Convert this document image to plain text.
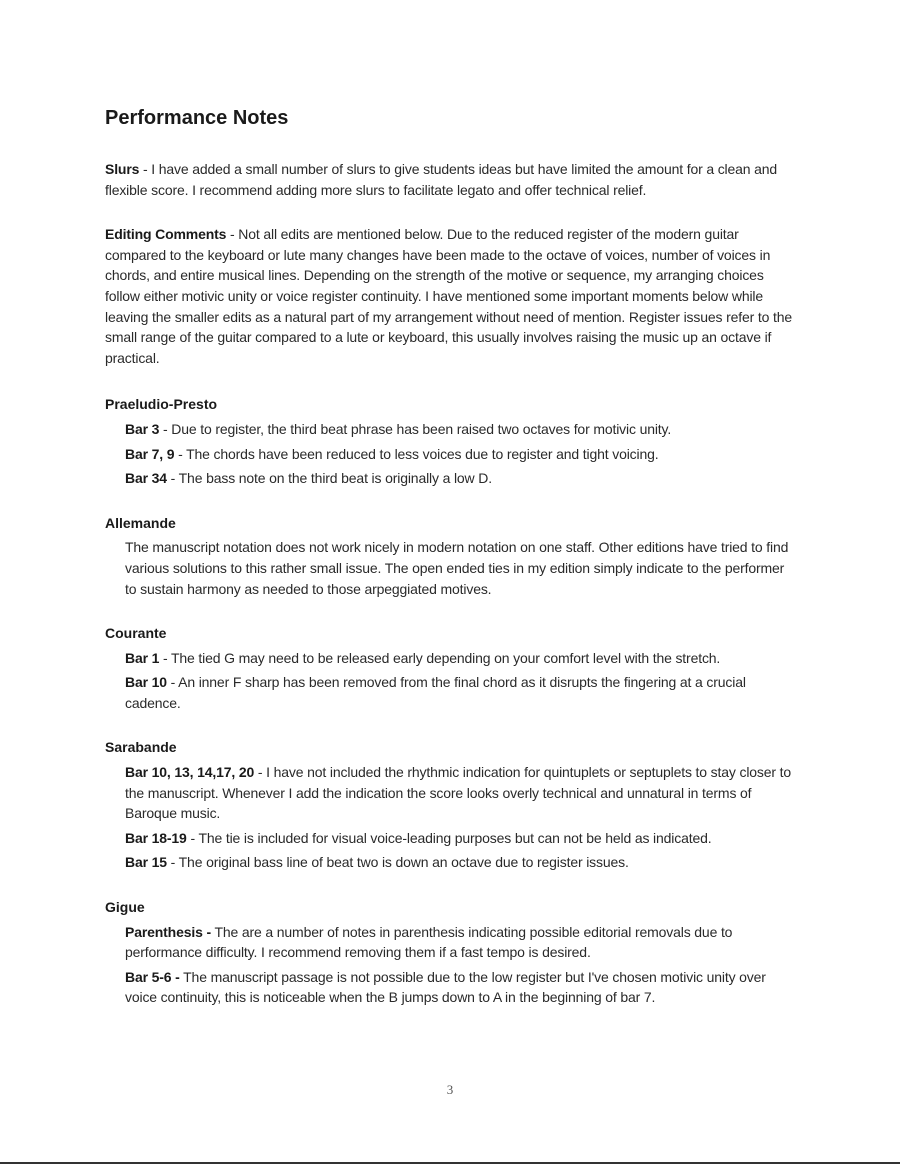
Performance Notes

Slurs - I have added a small number of slurs to give students ideas but have limited the amount for a clean and flexible score. I recommend adding more slurs to facilitate legato and offer technical relief.

Editing Comments - Not all edits are mentioned below. Due to the reduced register of the modern guitar compared to the keyboard or lute many changes have been made to the octave of voices, number of voices in chords, and entire musical lines. Depending on the strength of the motive or sequence, my arranging choices follow either motivic unity or voice register continuity. I have mentioned some important moments below while leaving the smaller edits as a natural part of my arrangement without need of mention. Register issues refer to the small range of the guitar compared to a lute or keyboard, this usually involves raising the music up an octave if practical.

Praeludio-Presto
Bar 3 - Due to register, the third beat phrase has been raised two octaves for motivic unity.
Bar 7, 9 - The chords have been reduced to less voices due to register and tight voicing.
Bar 34 - The bass note on the third beat is originally a low D.
Allemande
The manuscript notation does not work nicely in modern notation on one staff. Other editions have tried to find various solutions to this rather small issue. The open ended ties in my edition simply indicate to the performer to sustain harmony as needed to those arpeggiated motives.
Courante
Bar 1 - The tied G may need to be released early depending on your comfort level with the stretch.
Bar 10 - An inner F sharp has been removed from the final chord as it disrupts the fingering at a crucial cadence.
Sarabande
Bar 10, 13, 14,17, 20 - I have not included the rhythmic indication for quintuplets or septuplets to stay closer to the manuscript. Whenever I add the indication the score looks overly technical and unnatural in terms of Baroque music.
Bar 18-19 - The tie is included for visual voice-leading purposes but can not be held as indicated.
Bar 15 - The original bass line of beat two is down an octave due to register issues.
Gigue
Parenthesis - The are a number of notes in parenthesis indicating possible editorial removals due to performance difficulty. I recommend removing them if a fast tempo is desired.
Bar 5-6 - The manuscript passage is not possible due to the low register but I've chosen motivic unity over voice continuity, this is noticeable when the B jumps down to A in the beginning of bar 7.
3
